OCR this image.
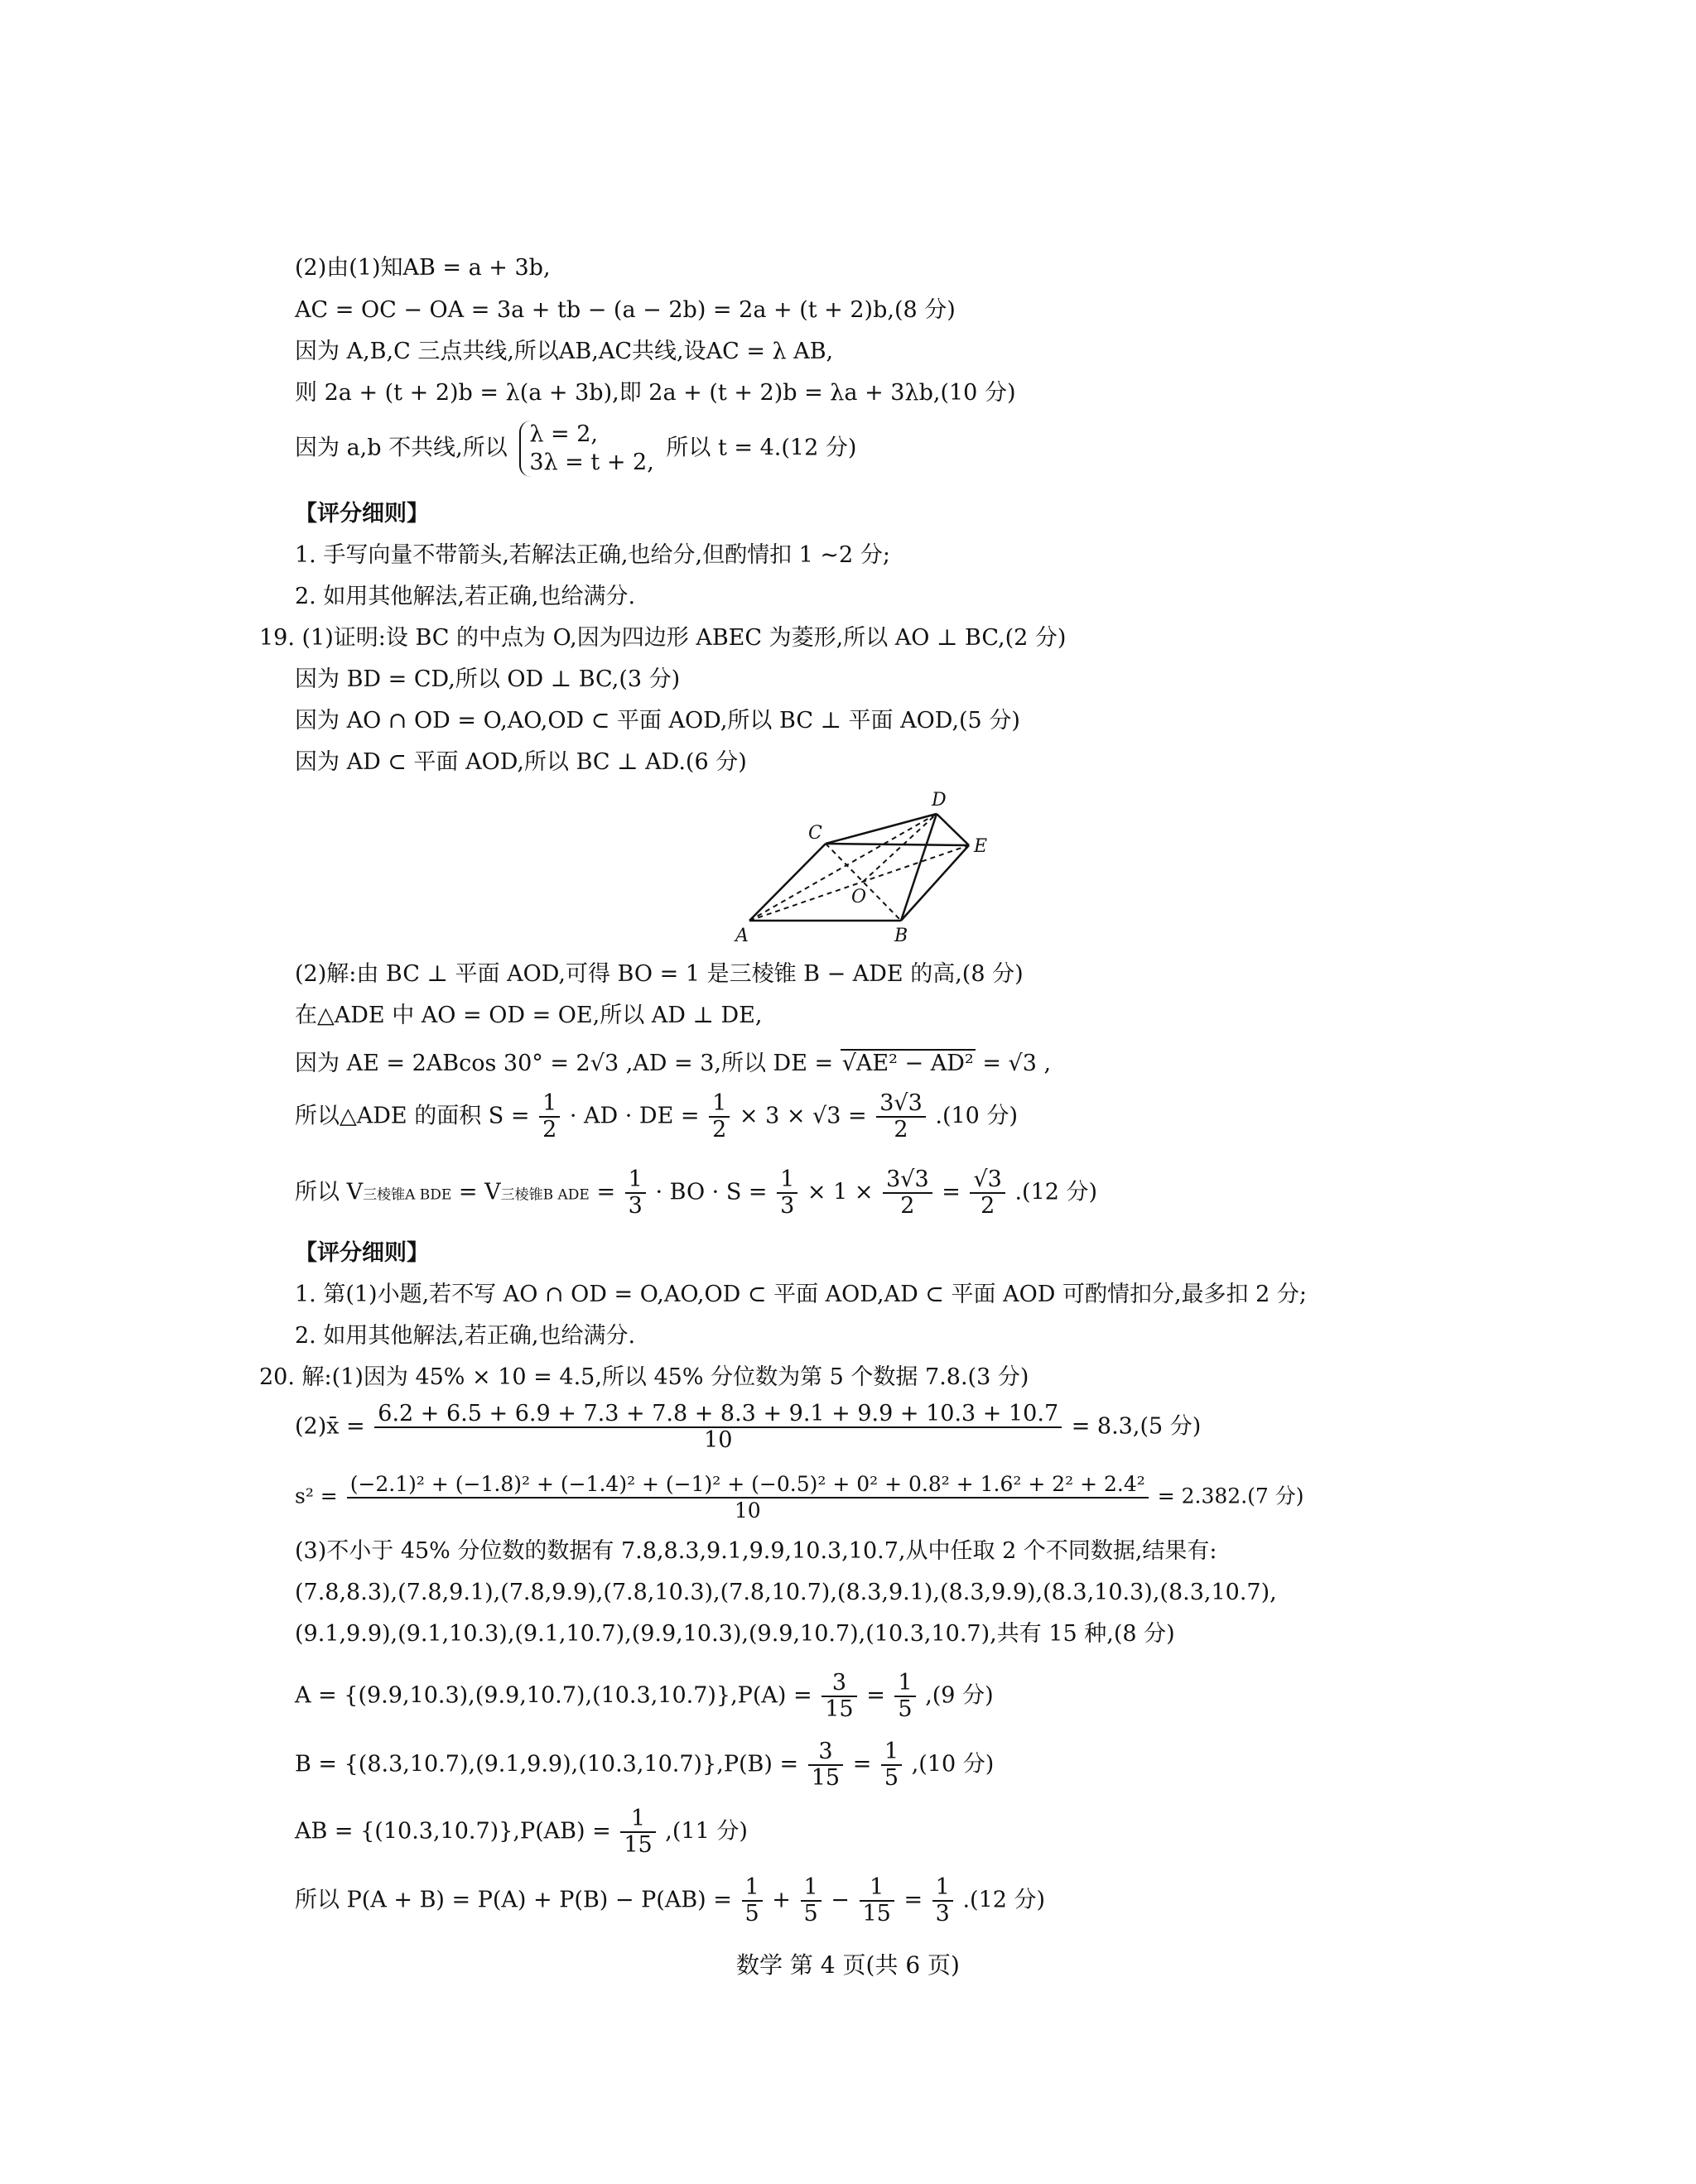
(2)由(1)知AB = a + 3b,
AC = OC − OA = 3a + tb − (a − 2b) = 2a + (t + 2)b,(8 分)
因为 A,B,C 三点共线,所以AB,AC共线,设AC = λ AB,
则 2a + (t + 2)b = λ(a + 3b),即 2a + (t + 2)b = λa + 3λb,(10 分)
因为 a,b 不共线,所以
λ = 2,
3λ = t + 2,
所以 t = 4.(12 分)
【评分细则】
1. 手写向量不带箭头,若解法正确,也给分,但酌情扣 1 ~2 分;
2. 如用其他解法,若正确,也给满分.
19. (1)证明:设 BC 的中点为 O,因为四边形 ABEC 为菱形,所以 AO ⊥ BC,(2 分)
因为 BD = CD,所以 OD ⊥ BC,(3 分)
因为 AO ∩ OD = O,AO,OD ⊂ 平面 AOD,所以 BC ⊥ 平面 AOD,(5 分)
因为 AD ⊂ 平面 AOD,所以 BC ⊥ AD.(6 分)
A	B
C
D
E
O
(2)解:由 BC ⊥ 平面 AOD,可得 BO = 1 是三棱锥 B − ADE 的高,(8 分)
在△ADE 中 AO = OD = OE,所以 AD ⊥ DE,
因为 AE = 2ABcos 30° = 2√3 ,AD = 3,所以 DE = √AE² − AD² = √3 ,
所以△ADE 的面积 $S = \frac{1}{2}$ · AD · DE = $\frac{1}{2} \times 3 \times √3 = \frac{3√3}{2} .(10$ 分)
所以 V三棱锥A BDE = V三棱锥B ADE = $\frac{1}{3}$ · BO · $S = \frac{1}{3} \times 1 \times \frac{3√3}{2} = \frac{√3}{2} .(12$ 分)
【评分细则】
1. 第(1)小题,若不写 AO ∩ OD = O,AO,OD ⊂ 平面 AOD,AD ⊂ 平面 AOD 可酌情扣分,最多扣 2 分;
2. 如用其他解法,若正确,也给满分.
20. 解:(1)因为 45% × 10 = 4.5,所以 45% 分位数为第 5 个数据 7.8.(3 分)
(2)x̄ = $\frac{6.2 + 6.5 + 6.9 + 7.3 + 7.8 + 8.3 + 9.1 + 9.9 + 10.3 + 10.7}{10} = 8.3,(5$ 分)
s² = (−2.1)² + (−1.8)² + (−1.4)² + (−1)² + (−0.5)² + 0² + 0.8² + 1.6² + 2² + 2.4²
10
= 2.382.(7 分)
(3)不小于 45% 分位数的数据有 7.8,8.3,9.1,9.9,10.3,10.7,从中任取 2 个不同数据,结果有:
(7.8,8.3),(7.8,9.1),(7.8,9.9),(7.8,10.3),(7.8,10.7),(8.3,9.1),(8.3,9.9),(8.3,10.3),(8.3,10.7),
(9.1,9.9),(9.1,10.3),(9.1,10.7),(9.9,10.3),(9.9,10.7),(10.3,10.7),共有 15 种,(8 分)
$A = \{(9.9,10.3),(9.9,10.7),(10.3,10.7)\},P(A) = \frac{3}{15} = \frac{1}{5} ,(9$ 分)
$B = \{(8.3,10.7),(9.1,9.9),(10.3,10.7)\},P(B) = \frac{3}{15} = \frac{1}{5} ,(10$ 分)
AB = $\{(10.3,10.7)\},P(AB) = \frac{1}{15} ,(11$ 分)
所以 $P(A + B) = P(A) + P(B) - P(AB) = \frac{1}{5} + \frac{1}{5} - \frac{1}{15} = \frac{1}{3} .(12$ 分)
数学 第 4 页(共 6 页)
